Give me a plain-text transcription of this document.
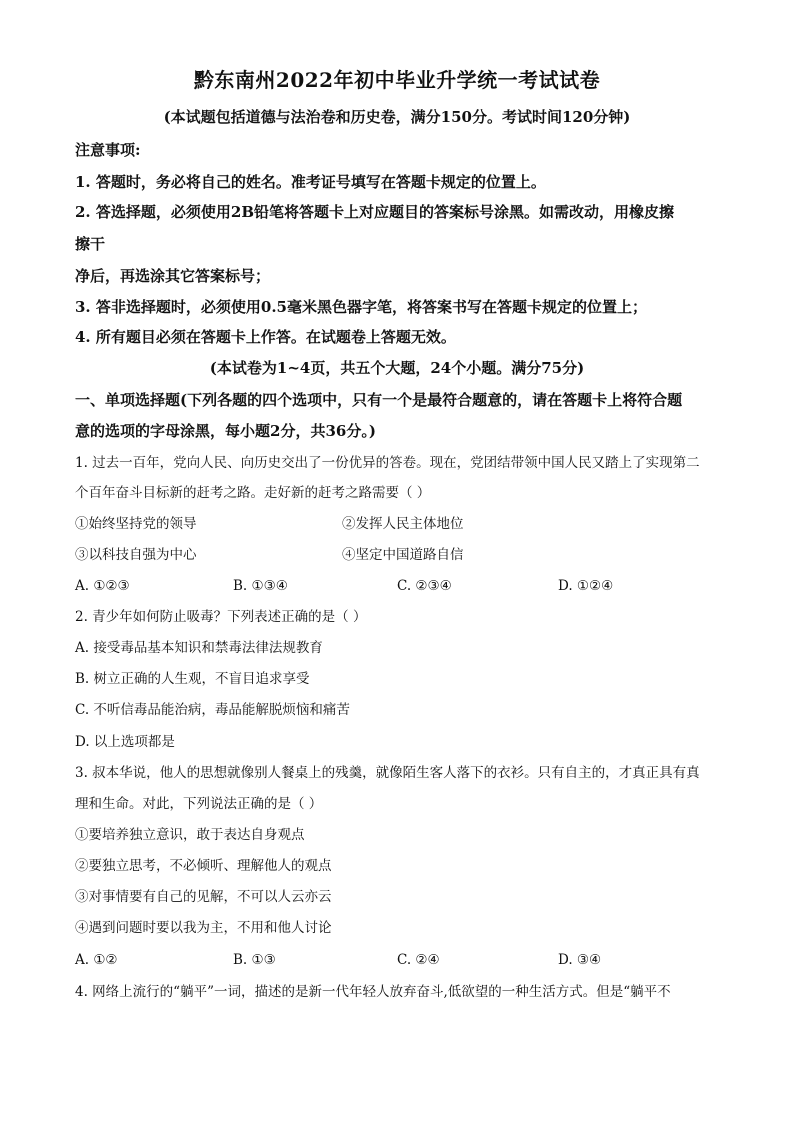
黔东南州2022年初中毕业升学统一考试试卷
(本试题包括道德与法治卷和历史卷，满分150分。考试时间120分钟)
注意事项:
1. 答题时，务必将自己的姓名。准考证号填写在答题卡规定的位置上。
2. 答选择题，必须使用2B铅笔将答题卡上对应题目的答案标号涂黑。如需改动，用橡皮擦
擦干
净后，再选涂其它答案标号；
3. 答非选择题时，必须使用0.5毫米黑色器字笔，将答案书写在答题卡规定的位置上；
4. 所有题目必须在答题卡上作答。在试题卷上答题无效。
(本试卷为1~4页，共五个大题，24个小题。满分75分)
一、单项选择题(下列各题的四个选项中，只有一个是最符合题意的，请在答题卡上将符合题
意的选项的字母涂黑，每小题2分，共36分。)
1. 过去一百年，党向人民、向历史交出了一份优异的答卷。现在，党团结带领中国人民又踏上了实现第二
个百年奋斗目标新的赶考之路。走好新的赶考之路需要（ ）
①始终坚持党的领导	②发挥人民主体地位
③以科技自强为中心	④坚定中国道路自信
A. ①②③	B. ①③④	C. ②③④	D. ①②④
2. 青少年如何防止吸毒？下列表述正确的是（ ）
A. 接受毒品基本知识和禁毒法律法规教育
B. 树立正确的人生观，不盲目追求享受
C. 不听信毒品能治病，毒品能解脱烦恼和痛苦
D. 以上选项都是
3. 叔本华说，他人的思想就像别人餐桌上的残羹，就像陌生客人落下的衣衫。只有自主的，才真正具有真
理和生命。对此，下列说法正确的是（ ）
①要培养独立意识，敢于表达自身观点
②要独立思考，不必倾听、理解他人的观点
③对事情要有自己的见解，不可以人云亦云
④遇到问题时要以我为主，不用和他人讨论
A. ①②	B. ①③	C. ②④	D. ③④
4. 网络上流行的“躺平”一词，描述的是新一代年轻人放弃奋斗,低欲望的一种生活方式。但是“躺平不
